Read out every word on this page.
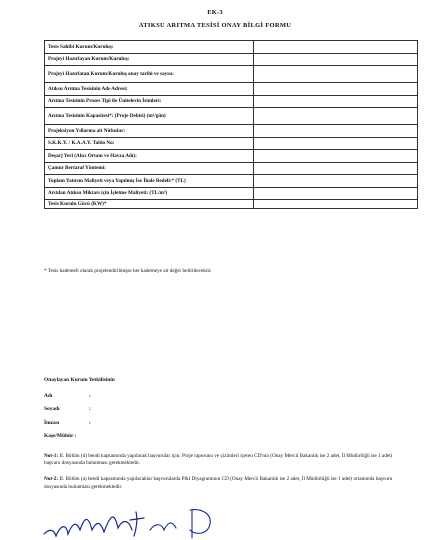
EK-3
ATIKSU ARITMA TESİSİ ONAY BİLGİ FORMU
Tesis Sahibi Kurum/Kuruluş:	
Projeyi Hazırlayan Kurum/Kuruluş:	
Projeyi Hazırlatan Kurum/Kuruluş onay tarihi ve sayısı:	
Atıksu Arıtma Tesisinin Adı-Adresi:	
Arıtma Tesisinin Proses Tipi ile Ünitelerin İsimleri:	
Arıtma Tesisinin Kapasitesi*: (Proje Debisi) (m³/gün)	
Projeksiyon Yıllarına ait Nüfuslar:	
S.K.K.Y. / K.A.A.Y. Tablo No:	
Deşarj Yeri (Alıcı Ortam ve Havza Adı):	
Çamur Bertaraf Yöntemi:	
Toplam Yatırım Maliyeti veya Yapılmış İse İhale Bedeli:* (TL)	
Arıtılan Atıksu Miktarı için İşletme Maliyeti: (TL/m³)	
Tesis Kurulu Gücü (KW)*	
* Tesis kademeli olarak projelendirilmişse her kademeye ait değer belirtilecektir.
Onaylayan Kurum Yetkilisinin
Adı	:
Soyadı	:
İmzası	:
Kaşe/Mühür :

Not-1: II. Bölüm (d) bendi kapsamında yapılacak başvurular için; Proje raporunu ve çizimleri içeren CD'nin (Onay Mercii Bakanlık ise 2 adet, İl Müdürlüğü ise 1 adet) başvuru dosyasında bulunması gerekmektedir.

Not-2: II. Bölüm (a) bendi kapsamında yapılacaklar başvurularda P&I Diyagramının CD (Onay Mercii Bakanlık ise 2 adet, İl Müdürlüğü ise 1 adet) ortamında başvuru dosyasında bulunması gerekmektedir.
